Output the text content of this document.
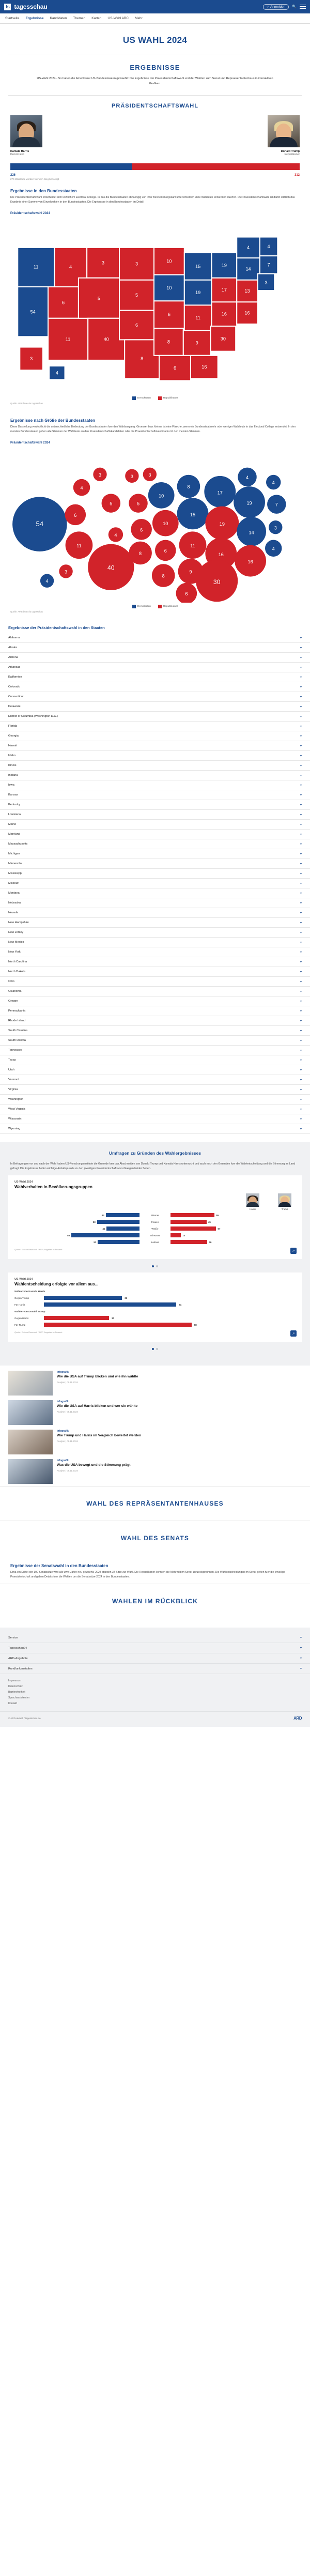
ts tagesschau	○ Anmelden 🔍
Startseite Ergebnisse Kandidaten Themen Karten US-Wahl ABC Mehr
US WAHL 2024
ERGEBNISSE
US-Wahl 2024 - So haben die Amerikaner US-Bundesstaaten gewaehlt: Die Ergebnisse der Praesidentschaftswahl und der Wahlen zum Senat und Repraesentantenhaus in interaktiven Grafiken.
PRÄSIDENTSCHAFTSWAHL
Kamala Harris
Demokraten
Donald Trump
Republikaner
226	312
270 Wahlleute werden fuer den Sieg benoetigt
Ergebnisse in den Bundesstaaten
Die Praesidentschaftswahl entscheidet sich letztlich im Electoral College. In das die Bundesstaaten abhaengig von ihrer Bevoelkerungszahl unterschiedlich viele Wahlleute entsenden duerfen. Die Praesidentschaftswahl ist damit letztlich das Ergebnis einer Summe von Einzelwahlen in den Bundesstaaten. Die Ergebnisse in den Bundesstaaten im Detail:
Präsidentschaftswahl 2024
11
54
6
4
3
11
5
40
3
5
6
8
10
10
6
8
6
15
19
11
9
16
19
17
16
30
4
14
13
16
4
7
3
3
4
Demokraten	Republikaner
Quelle: AP/Edison via tagesschau
Ergebnisse nach Größe der Bundesstaaten
Diese Darstellung verdeutlicht die unterschiedliche Bedeutung der Bundesstaaten fuer den Wahlausgang. Groesser bzw. kleiner ist eine Flaeche, wenn ein Bundesstaat mehr oder weniger Wahlleute in das Electoral College entsendet. In den meisten Bundesstaaten gehen alle Stimmen der Wahlleute an den Praesidentschaftskandidaten oder die Praesidentschaftskandidatin mit den meisten Stimmen.
Präsidentschaftswahl 2024
54
4
3
6
11
3
5
4
40
3
5
6
8
3
10
10
6
8
8
15
11
9
6
17
19
16
30
4
19
14
16
4
7
3
4
4
Demokraten	Republikaner
Quelle: AP/Edison via tagesschau
Ergebnisse der Präsidentschaftswahl in den Staaten
Alabama	▾
Alaska	▾
Arizona	▾
Arkansas	▾
Kalifornien	▾
Colorado	▾
Connecticut	▾
Delaware	▾
District of Columbia (Washington D.C.)	▾
Florida	▾
Georgia	▾
Hawaii	▾
Idaho	▾
Illinois	▾
Indiana	▾
Iowa	▾
Kansas	▾
Kentucky	▾
Louisiana	▾
Maine	▾
Maryland	▾
Massachusetts	▾
Michigan	▾
Minnesota	▾
Mississippi	▾
Missouri	▾
Montana	▾
Nebraska	▾
Nevada	▾
New Hampshire	▾
New Jersey	▾
New Mexico	▾
New York	▾
North Carolina	▾
North Dakota	▾
Ohio	▾
Oklahoma	▾
Oregon	▾
Pennsylvania	▾
Rhode Island	▾
South Carolina	▾
South Dakota	▾
Tennessee	▾
Texas	▾
Utah	▾
Vermont	▾
Virginia	▾
Washington	▾
West Virginia	▾
Wisconsin	▾
Wyoming	▾
Umfragen zu Gründen des Wahlergebnisses
In Befragungen vor und nach der Wahl haben US-Forschungsinstitute die Gruende fuer das Abschneiden von Donald Trump und Kamala Harris untersucht und auch nach den Gruenden fuer die Wahlentscheidung und die Stimmung im Land gefragt. Die Ergebnisse helfen wichtige Anhaltspunkte zu den jeweiligen Praesidentschaftsvorschlaegen beider Seiten.
US-Wahl 2024
Wahlverhalten in Bevölkerungsgruppen
Harris	Trump
42	Männer	55
53	Frauen	45
41	Weiße	57
85	Schwarze	13
52	Latinos	46
Quelle: Edison Research / NEP, Angaben in Prozent	↗
US-Wahl 2024
Wahlentscheidung erfolgte vor allem aus...
Wähler von Kamala Harris
Gegen Trump	36
Für Harris	61
Wähler von Donald Trump
Gegen Harris	30
Für Trump	68
Quelle: Edison Research / NEP, Angaben in Prozent	↗
Infografik
Wie die USA auf Trump blicken und wie ihn wählte
Analyse | 06.11.2024
Infografik
Wie die USA auf Harris blicken und wer sie wählte
Analyse | 06.11.2024
Infografik
Wie Trump und Harris im Vergleich bewertet werden
Analyse | 06.11.2024
Infografik
Was die USA bewegt und die Stimmung prägt
Analyse | 06.11.2024
WAHL DES REPRÄSENTANTENHAUSES
WAHL DES SENATS
Ergebnisse der Senatswahl in den Bundesstaaten
Etwa ein Drittel der 100 Senatssitze wird alle zwei Jahre neu gewaehlt. 2024 standen 34 Sitze zur Wahl. Die Republikaner konnten die Mehrheit im Senat zurueckgewinnen. Die Wahlentscheidungen im Senat gelten fuer die jeweilige Praesidentschaft und geben Details fuer die Wahlen um die Senatssitze 2024 in den Bundesstaaten.
WAHLEN IM RÜCKBLICK
Service	▾
Tagesschau24	▾
ARD-Angebote	▾
Rundfunkanstalten	▾
Impressum
Datenschutz
Barrierefreiheit
Sprachassistenten
Kontakt
© ARD-aktuell / tagesschau.de	ARD
